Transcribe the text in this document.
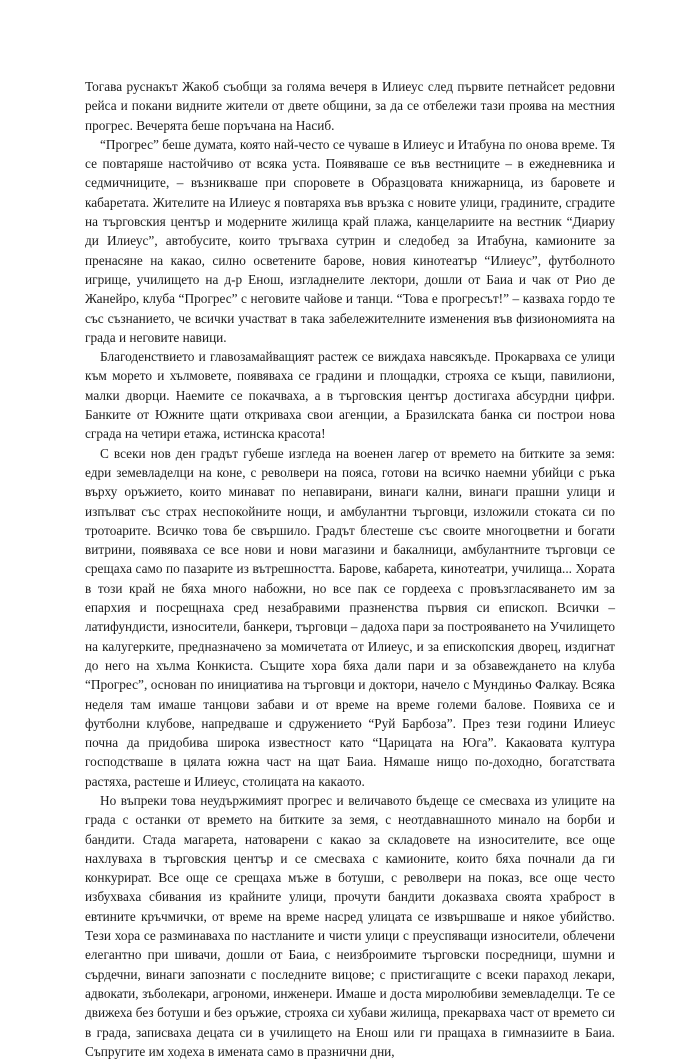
Тогава руснакът Жакоб съобщи за голяма вечеря в Илиеус след първите петнайсет редовни рейса и покани видните жители от двете общини, за да се отбележи тази проява на местния прогрес. Вечерята беше поръчана на Насиб.

“Прогрес” беше думата, която най-често се чуваше в Илиеус и Итабуна по онова време. Тя се повтаряше настойчиво от всяка уста. Появяваше се във вестниците – в ежедневника и седмичниците, – възникваше при споровете в Образцовата книжарница, из баровете и кабаретата. Жителите на Илиеус я повтаряха във връзка с новите улици, градините, сградите на търговския център и модерните жилища край плажа, канцелариите на вестник “Диариу ди Илиеус”, автобусите, които тръгваха сутрин и следобед за Итабуна, камионите за пренасяне на какао, силно осветените барове, новия кинотеатър “Илиеус”, футболното игрище, училището на д-р Енош, изгладнелите лектори, дошли от Баиа и чак от Рио де Жанейро, клуба “Прогрес” с неговите чайове и танци. “Това е прогресът!” – казваха гордо те със съзнанието, че всички участват в така забележителните изменения във физиономията на града и неговите навици.

Благоденствието и главозамайващият растеж се виждаха навсякъде. Прокарваха се улици към морето и хълмовете, появяваха се градини и площадки, строяха се къщи, павилиони, малки дворци. Наемите се покачваха, а в търговския център достигаха абсурдни цифри. Банките от Южните щати откриваха свои агенции, а Бразилската банка си построи нова сграда на четири етажа, истинска красота!

С всеки нов ден градът губеше изгледа на военен лагер от времето на битките за земя: едри земевладелци на коне, с револвери на пояса, готови на всичко наемни убийци с ръка върху оръжието, които минават по непавирани, винаги кални, винаги прашни улици и изпълват със страх неспокойните нощи, и амбулантни търговци, изложили стоката си по тротоарите. Всичко това бе свършило. Градът блестеше със своите многоцветни и богати витрини, появяваха се все нови и нови магазини и бакалници, амбулантните търговци се срещаха само по пазарите из вътрешността. Барове, кабарета, кинотеатри, училища... Хората в този край не бяха много набожни, но все пак се гордееха с провъзгласяването им за епархия и посрещнаха сред незабравими празненства първия си епископ. Всички – латифундисти, износители, банкери, търговци – дадоха пари за построяването на Училището на калугерките, предназначено за момичетата от Илиеус, и за епископския дворец, издигнат до него на хълма Конкиста. Същите хора бяха дали пари и за обзавеждането на клуба “Прогрес”, основан по инициатива на търговци и доктори, начело с Мундиньо Фалкау. Всяка неделя там имаше танцови забави и от време на време големи балове. Появиха се и футболни клубове, напредваше и сдружението “Руй Барбоза”. През тези години Илиеус почна да придобива широка известност като “Царицата на Юга”. Какаовата култура господстваше в цялата южна част на щат Баиа. Нямаше нищо по-доходно, богатствата растяха, растеше и Илиеус, столицата на какаото.

Но въпреки това неудържимият прогрес и величавото бъдеще се смесваха из улиците на града с останки от времето на битките за земя, с неотдавнашното минало на борби и бандити. Стада магарета, натоварени с какао за складовете на износителите, все още нахлуваха в търговския център и се смесваха с камионите, които бяха почнали да ги конкурират. Все още се срещаха мъже в ботуши, с револвери на показ, все още често избухваха сбивания из крайните улици, прочути бандити доказваха своята храброст в евтините кръчмички, от време на време насред улицата се извършваше и някое убийство. Тези хора се разминаваха по настланите и чисти улици с преуспяващи износители, облечени елегантно при шивачи, дошли от Баиа, с неизброимите търговски посредници, шумни и сърдечни, винаги запознати с последните вицове; с пристигащите с всеки параход лекари, адвокати, зъболекари, агрономи, инженери. Имаше и доста миролюбиви земевладелци. Те се движеха без ботуши и без оръжие, строяха си хубави жилища, прекарваха част от времето си в града, записваха децата си в училището на Енош или ги пращаха в гимназиите в Баиа. Съпругите им ходеха в имената само в празнични дни,
